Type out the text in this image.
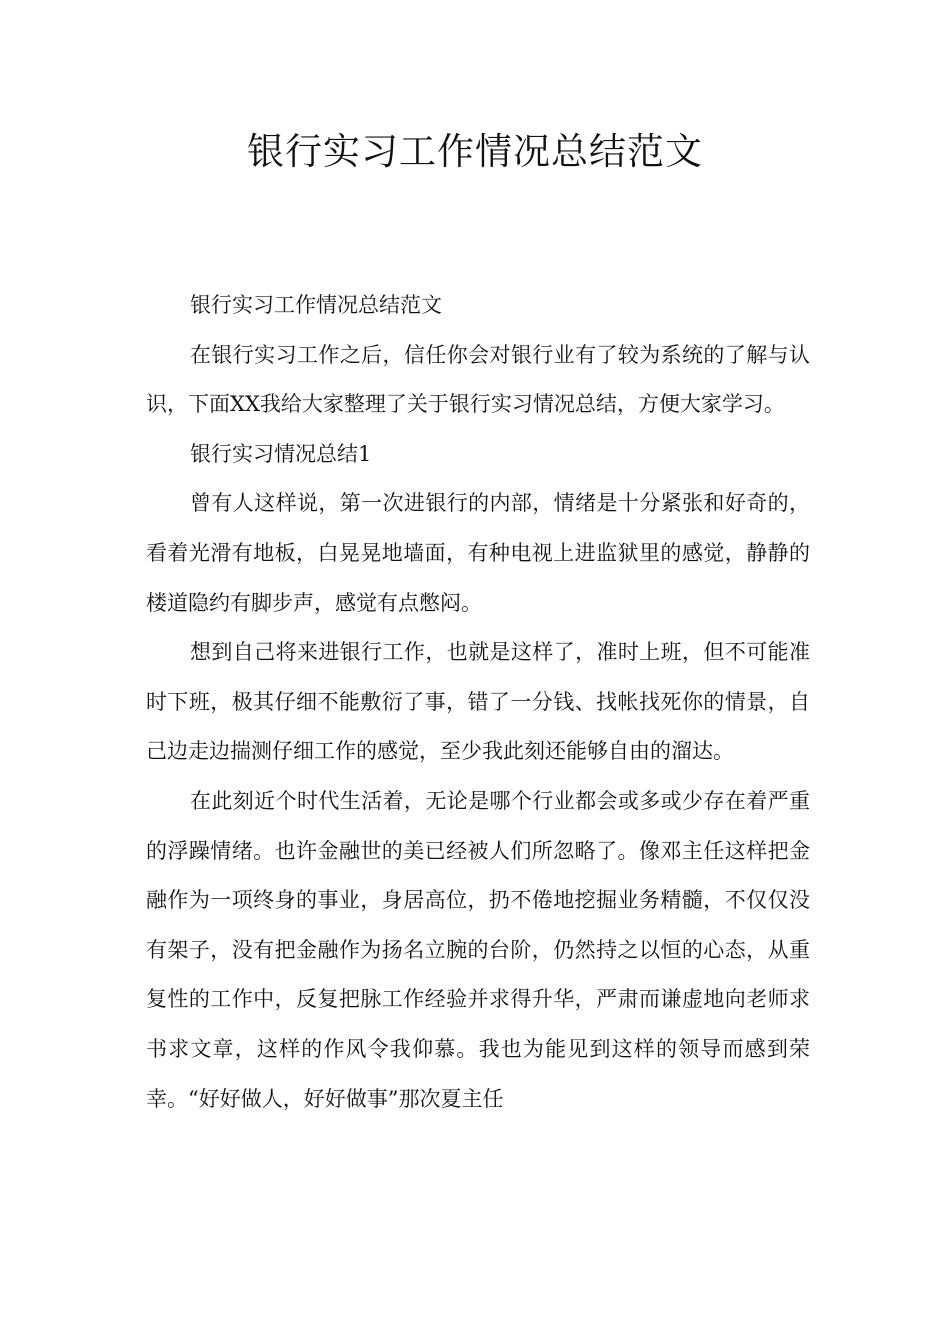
银行实习工作情况总结范文

银行实习工作情况总结范文

在银行实习工作之后，信任你会对银行业有了较为系统的了解与认识，下面XX我给大家整理了关于银行实习情况总结，方便大家学习。

银行实习情况总结1

曾有人这样说，第一次进银行的内部，情绪是十分紧张和好奇的，看着光滑有地板，白晃晃地墙面，有种电视上进监狱里的感觉，静静的楼道隐约有脚步声，感觉有点憋闷。

想到自己将来进银行工作，也就是这样了，准时上班，但不可能准时下班，极其仔细不能敷衍了事，错了一分钱、找帐找死你的情景，自己边走边揣测仔细工作的感觉，至少我此刻还能够自由的溜达。

在此刻近个时代生活着，无论是哪个行业都会或多或少存在着严重的浮躁情绪。也许金融世的美已经被人们所忽略了。像邓主任这样把金融作为一项终身的事业，身居高位，扔不倦地挖掘业务精髓，不仅仅没有架子，没有把金融作为扬名立腕的台阶，仍然持之以恒的心态，从重复性的工作中，反复把脉工作经验并求得升华，严肃而谦虚地向老师求书求文章，这样的作风令我仰慕。我也为能见到这样的领导而感到荣幸。“好好做人，好好做事”那次夏主任
